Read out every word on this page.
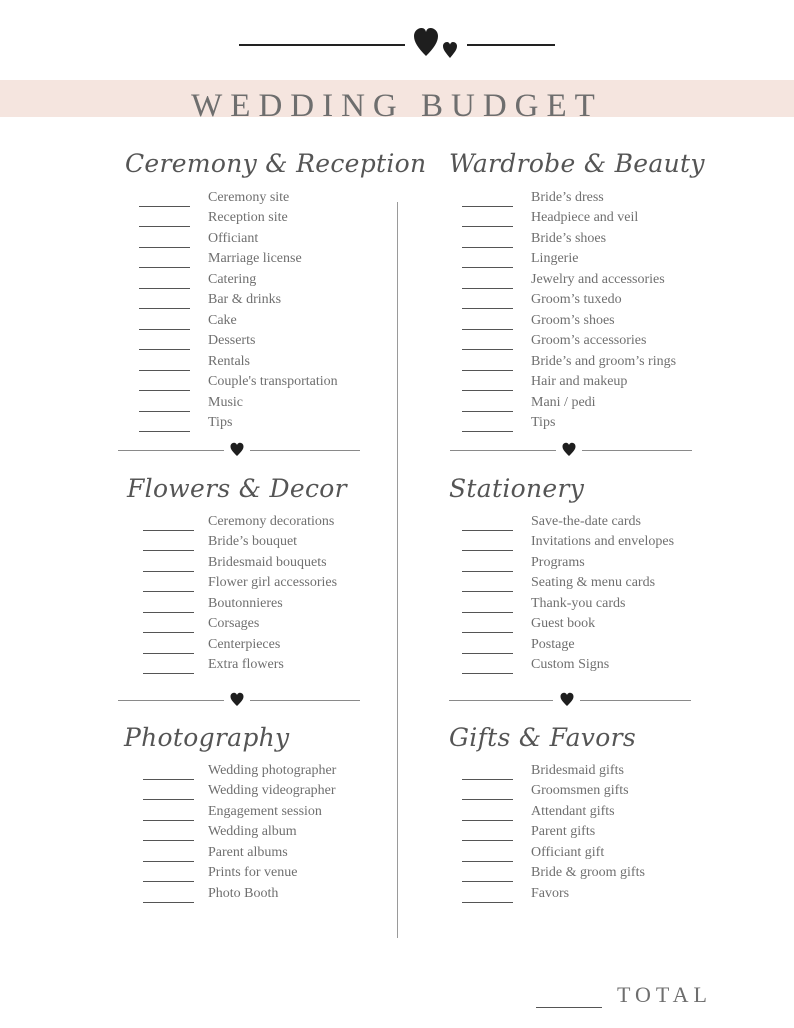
WEDDING BUDGET
Ceremony & Reception
Ceremony site
Reception site
Officiant
Marriage license
Catering
Bar & drinks
Cake
Desserts
Rentals
Couple's transportation
Music
Tips
Wardrobe & Beauty
Bride’s dress
Headpiece and veil
Bride’s shoes
Lingerie
Jewelry and accessories
Groom’s tuxedo
Groom’s shoes
Groom’s accessories
Bride’s and groom’s rings
Hair and makeup
Mani / pedi
Tips
Flowers & Decor
Ceremony decorations
Bride’s bouquet
Bridesmaid bouquets
Flower girl accessories
Boutonnieres
Corsages
Centerpieces
Extra flowers
Stationery
Save-the-date cards
Invitations and envelopes
Programs
Seating & menu cards
Thank-you cards
Guest book
Postage
Custom Signs
Photography
Wedding photographer
Wedding videographer
Engagement session
Wedding album
Parent albums
Prints for venue
Photo Booth
Gifts & Favors
Bridesmaid gifts
Groomsmen gifts
Attendant gifts
Parent gifts
Officiant gift
Bride & groom gifts
Favors
TOTAL
